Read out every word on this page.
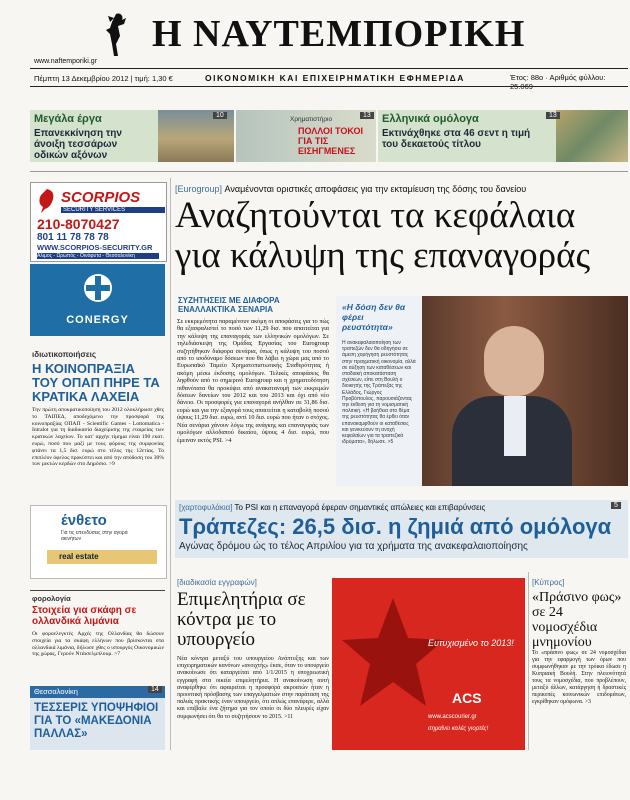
Η ΝΑΥΤΕΜΠΟΡΙΚΗ
www.naftemporiki.gr
Πέμπτη 13 Δεκεμβρίου 2012 | τιμή: 1,30 €	ΟΙΚΟΝΟΜΙΚΗ ΚΑΙ ΕΠΙΧΕΙΡΗΜΑΤΙΚΗ ΕΦΗΜΕΡΙΔΑ	Έτος: 88ο · Αριθμός φύλλου:
Μεγάλα έργα
Επανεκκίνηση την άνοιξη τεσσάρων οδικών αξόνων
10
Χρηματιστήριο
ΠΟΛΛΟΙ ΤΟΚΟΙ ΓΙΑ ΤΙΣ ΕΙΣΗΓΜΕΝΕΣ
13 Ελληνικά ομόλογα
Εκτινάχθηκε στα 46 σεντ η τιμή του δεκαετούς τίτλου
13
SCORPIOS
SECURITY SERVICES
210-8070427
801 11 78 78 78
WWW.SCORPIOS-SECURITY.GR
Αλιμος - Ωρωπός - Οινόφυτα - Θεσσαλονίκη
CONERGY
ιδιωτικοποιήσεις
Η ΚΟΙΝΟΠΡΑΞΙΑ ΤΟΥ ΟΠΑΠ ΠΗΡΕ ΤΑ ΚΡΑΤΙΚΑ ΛΑΧΕΙΑ
Την πρώτη αποκρατικοποίηση του 2012 ολοκλήρωσε χθες το ΤΑΙΠΕΔ, αποδεχόμενο την προσφορά της κοινοπραξίας ΟΠΑΠ - Scientific Games - Lottomatica - Intralot για τη διαδικασία διαχείρισης της εταιρείας των κρατικών λαχείων. Το κατ' αρχήν τίμημα είναι 190 εκατ. ευρώ, ποσό που μαζί με τους φόρους της συμφωνίας φτάνει τα 1,5 δισ. ευρώ στο τέλος της 12ετίας. Το επιπλέον όφελος προκύπτει και από την απόδοση του 30% των μικτών κερδών στο Δημόσιο. >9
ένθετο
Για τις επενδύσεις στην αγορά ακινήτων
real estate
φορολογία
Στοιχεία για σκάφη σε ολλανδικά λιμάνια
Οι φοροελεγκτές Αρχές της Ολλανδίας θα δώσουν στοιχεία για τα σκάφη ελλήνων που βρίσκονται στα ολλανδικά λιμάνια, δήλωσε χθες ο υπουργός Οικονομικών της χώρας, Γερούν Ντάισελμπλουμ. >7
Θεσσαλονίκη	14
ΤΕΣΣΕΡΙΣ ΥΠΟΨΗΦΙΟΙ ΓΙΑ ΤΟ «ΜΑΚΕΔΟΝΙΑ ΠΑΛΛΑΣ»
[Eurogroup] Αναμένονται οριστικές αποφάσεις για την εκταμίευση της δόσης του δανείου
Αναζητούνται τα κεφάλαια
για κάλυψη της επαναγοράς
ΣΥΖΗΤΗΣΕΙΣ ΜΕ ΔΙΑΦΟΡΑ
ΕΝΑΛΛΑΚΤΙΚΑ ΣΕΝΑΡΙΑ
Σε εκκρεμότητα παραμένουν ακόμη οι αποφάσεις για το πώς θα εξασφαλιστεί το ποσό των 11,29 δισ. που απαιτείται για την κάλυψη της επαναγοράς των ελληνικών ομολόγων. Σε τηλεδιάσκεψη της Ομάδας Εργασίας του Eurogroup συζητήθηκαν διάφορα σενάρια, όπως η κάλυψη του ποσού από το ισοδύναμο δόσεων που θα λάβει η χώρα μας από το Ευρωπαϊκό Ταμείο Χρηματοπιστωτικής Σταθερότητας ή ακόμη μέσω έκδοσης ομολόγων. Τελικές αποφάσεις θα ληφθούν από το σημερινό Eurogroup και η χρηματοδότηση πιθανότατα θα προκύψει από ανακατανομή των εκκρεμών δόσεων δανείων του 2012 και του 2013 και όχι από νέο δάνειο. Οι προσφορές για επαναγορά ανήλθαν σε 31,86 δισ. ευρώ και για την εξαγορά τους απαιτείται η καταβολή ποσού ύψους 11,29 δισ. ευρώ, αντί 10 δισ. ευρώ που ήταν ο στόχος. Νέα σενάρια χάνουν λόγω της ανάγκης και επαναγοράς των ομολόγων αλλοδαπού δικαίου, ύψους 4 δισ. ευρώ, που έμειναν εκτός PSI. >4
«Η δόση δεν θα φέρει ρευστότητα»
Η ανακεφαλαιοποίηση των τραπεζών δεν θα οδηγήσει σε άμεση χορήγηση ρευστότητας στην πραγματική οικονομία, αλλά σε αύξηση των καταθέσεων και σταδιακή αποκατάσταση σχέσεων, είπε στη Βουλή ο διοικητής της Τράπεζας της Ελλάδος, Γιώργος Προβόπουλος, παρουσιάζοντας την έκθεση για τη νομισματική πολιτική. «Η βοήθεια στο θέμα της ρευστότητας θα έρθει όταν επανακαμφθούν οι καταθέσεις και γενικεύουν τη ανοχή κεφαλαίων για τα τραπεζικά ιδρύματα», δήλωσε. >5
[χαρτοφυλάκια] Το PSI και η επαναγορά έφεραν σημαντικές απώλειες και επιβαρύνσεις	5
Τράπεζες: 26,5 δισ. η ζημιά από ομόλογα
Αγώνας δρόμου ώς το τέλος Απριλίου για τα χρήματα της ανακεφαλαιοποίησης
[διαδικασία εγγραφών]
Επιμελητήρια σε κόντρα με το υπουργείο
Νέα κόντρα μεταξύ του υπουργείου Ανάπτυξης και των επιχειρηματικών κανόνων «ανοιχτής» έκσε, όταν το υπουργείο ανακοίνωσε ότι καταργείται από 1/1/2015 η υποχρεωτική εγγραφή στα οικεία επιμελητήρια. Η ανακοίνωση αυτή αναφέρθηκε ότι αφαιρείται η προσφορά ακροατών ήταν η προοπτική πρόσβασης των επαγγελματιών στην παράταση της παλιάς πρακτικής έναν υπουργείο, ότι απλώς επανέφερε, αλλά και επέβαλε ένα ζήτημα για τον οποίο οι δύο πλευρές είχαν συμφωνήσει ότι θα το συζητήσουν το 2015. >11
Ευτυχισμένο το 2013!
ACS
www.acscourier.gr
σημαίνει καλές γιορτές!
[Κύπρος]
«Πράσινο φως» σε 24 νομοσχέδια μνημονίου
Το «πράσινο φως» σε 24 νομοσχέδια για την εφαρμογή των όρων που συμφωνήθηκαν με την τρόικα έδωσε η Κυπριακή Βουλή. Στην πλειονότητά τους τα νομοσχέδια, που προβλέπουν, μεταξύ άλλων, κατάργηση ή δραστικές περικοπές κοινωνικών επιδομάτων, εγκρίθηκαν ομόφωνα. >3
